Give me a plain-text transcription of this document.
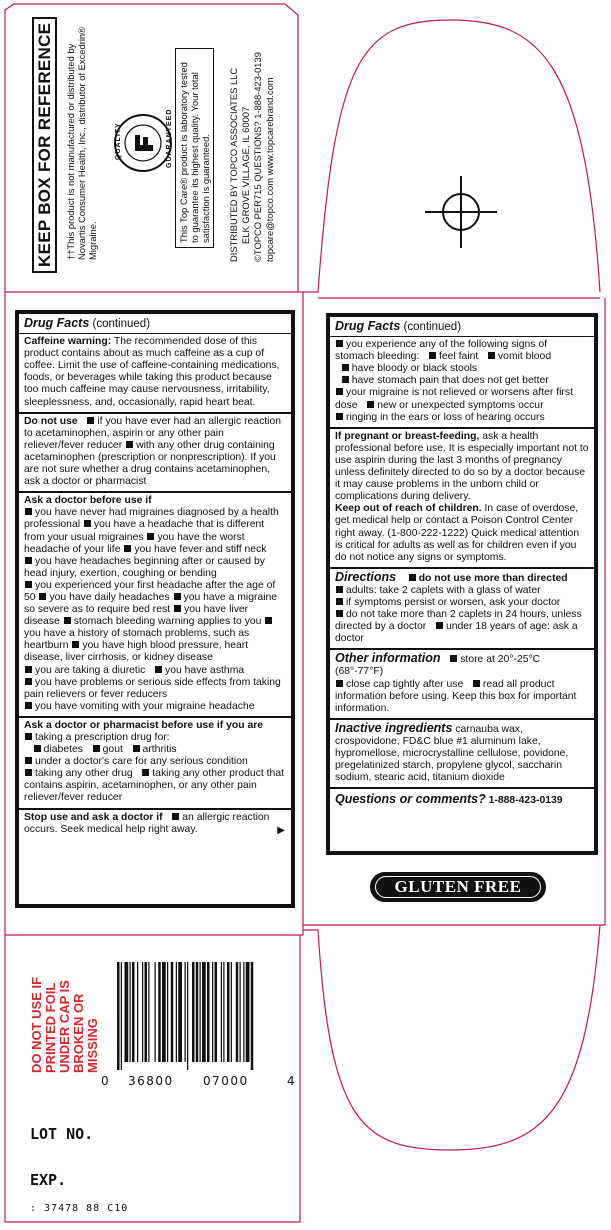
KEEP BOX FOR REFERENCE	††This product is not manufactured or distributed by Novartis Consumer Health, Inc., distributor of Excedrin® Migraine.
QUALITY	GUARANTEED This Top Care® product is laboratory tested to guarantee its highest quality. Your total satisfaction is guaranteed.	DISTRIBUTED BY TOPCO ASSOCIATES LLC ELK GROVE VILLAGE, IL 60007 ©TOPCO PER715 QUESTIONS? 1-888-423-0139 topcare@topco.com www.topcarebrand.com
Drug Facts (continued)

Caffeine warning: The recommended dose of this product contains about as much caffeine as a cup of coffee. Limit the use of caffeine-containing medications, foods, or beverages while taking this product because too much caffeine may cause nervousness, irritability, sleeplessness, and, occasionally, rapid heart beat.

Do not use if you have ever had an allergic reaction to acetaminophen, aspirin or any other pain reliever/fever reducer with any other drug containing acetaminophen (prescription or nonprescription). If you are not sure whether a drug contains acetaminophen, ask a doctor or pharmacist

Ask a doctor before use if

you have never had migraines diagnosed by a health professional you have a headache that is different from your usual migraines you have the worst headache of your life you have fever and stiff neck

you have headaches beginning after or caused by head injury, exertion, coughing or bending

you experienced your first headache after the age of 50 you have daily headaches you have a migraine so severe as to require bed rest you have liver disease stomach bleeding warning applies to you you have a history of stomach problems, such as heartburn you have high blood pressure, heart disease, liver cirrhosis, or kidney disease

you are taking a diuretic you have asthma

you have problems or serious side effects from taking pain relievers or fever reducers

you have vomiting with your migraine headache

Ask a doctor or pharmacist before use if you are

taking a prescription drug for:

diabetes gout arthritis

under a doctor's care for any serious condition

taking any other drug taking any other product that contains aspirin, acetaminophen, or any other pain reliever/fever reducer

Stop use and ask a doctor if an allergic reaction occurs. Seek medical help right away.	▶
Drug Facts (continued)

you experience any of the following signs of stomach bleeding: feel faint vomit blood

have bloody or black stools

have stomach pain that does not get better

your migraine is not relieved or worsens after first dose new or unexpected symptoms occur

ringing in the ears or loss of hearing occurs

If pregnant or breast-feeding, ask a health professional before use. It is especially important not to use aspirin during the last 3 months of pregnancy unless definitely directed to do so by a doctor because it may cause problems in the unborn child or complications during delivery.

Keep out of reach of children. In case of overdose, get medical help or contact a Poison Control Center right away. (1-800-222-1222) Quick medical attention is critical for adults as well as for children even if you do not notice any signs or symptoms.

Directions do not use more than directed

adults: take 2 caplets with a glass of water

if symptoms persist or worsen, ask your doctor

do not take more than 2 caplets in 24 hours, unless directed by a doctor under 18 years of age: ask a doctor

Other information store at 20°-25°C (68°-77°F)

close cap tightly after use read all product information before using. Keep this box for important information.

Inactive ingredients carnauba wax, crospovidone, FD&C blue #1 aluminum lake, hypromellose, microcrystalline cellulose, povidone, pregelatinized starch, propylene glycol, saccharin sodium, stearic acid, titanium dioxide

Questions or comments? 1-888-423-0139

GLUTEN FREE
DO NOT USE IF PRINTED FOIL UNDER CAP IS BROKEN OR MISSING
0 36800 07000	4
LOT NO.
EXP.
: 37478 88 C10
